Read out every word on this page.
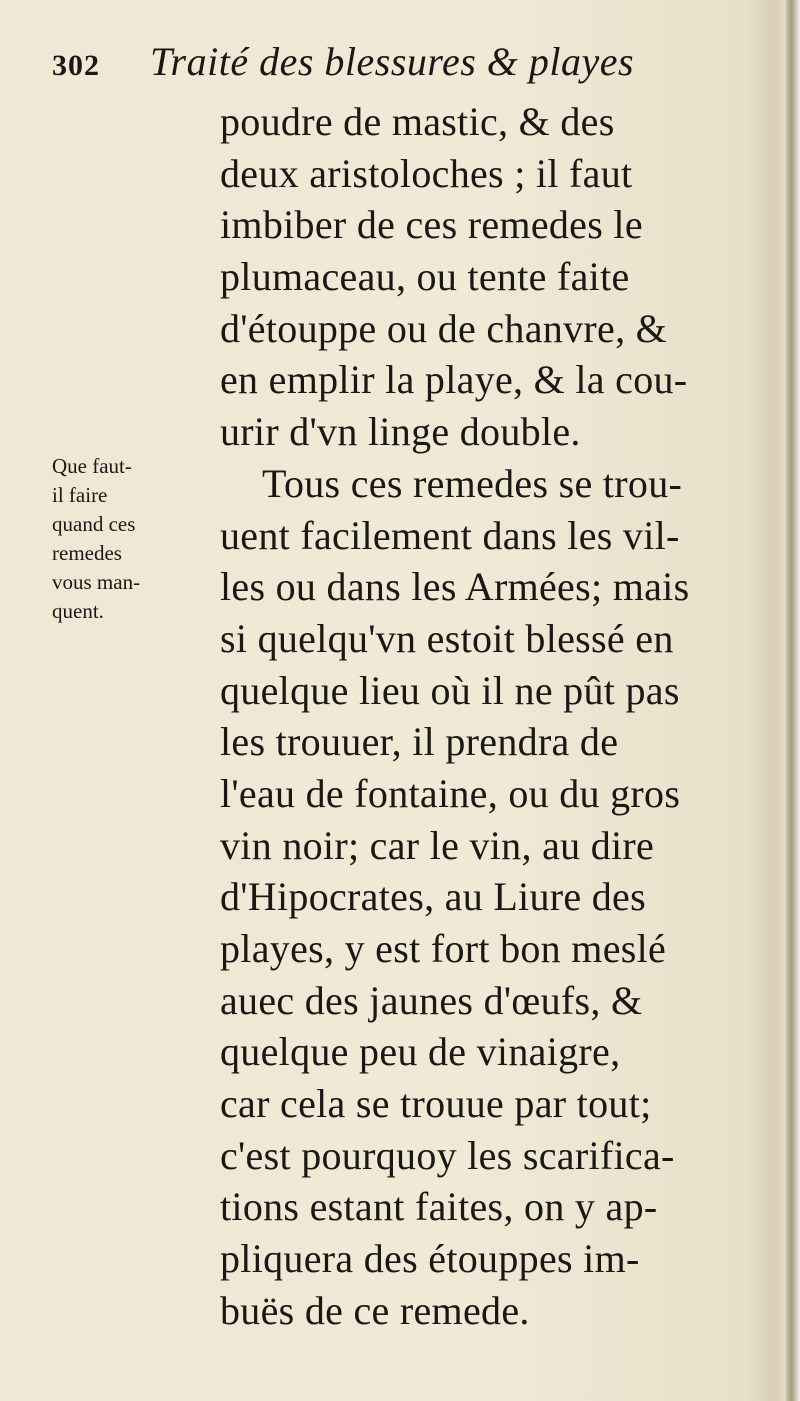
302 Traité des blessures & playes
Que faut-
il faire
quand ces
remedes
vous man-
quent.
poudre de mastic, & des
deux aristoloches ; il faut
imbiber de ces remedes le
plumaceau, ou tente faite
d'étouppe ou de chanvre, &
en emplir la playe, & la cou-
urir d'vn linge double.
Tous ces remedes se trou-
uent facilement dans les vil-
les ou dans les Armées; mais
si quelqu'vn estoit blessé en
quelque lieu où il ne pût pas
les trouuer, il prendra de
l'eau de fontaine, ou du gros
vin noir; car le vin, au dire
d'Hipocrates, au Liure des
playes, y est fort bon meslé
auec des jaunes d'œufs, &
quelque peu de vinaigre,
car cela se trouue par tout;
c'est pourquoy les scarifica-
tions estant faites, on y ap-
pliquera des étouppes im-
buës de ce remede.
